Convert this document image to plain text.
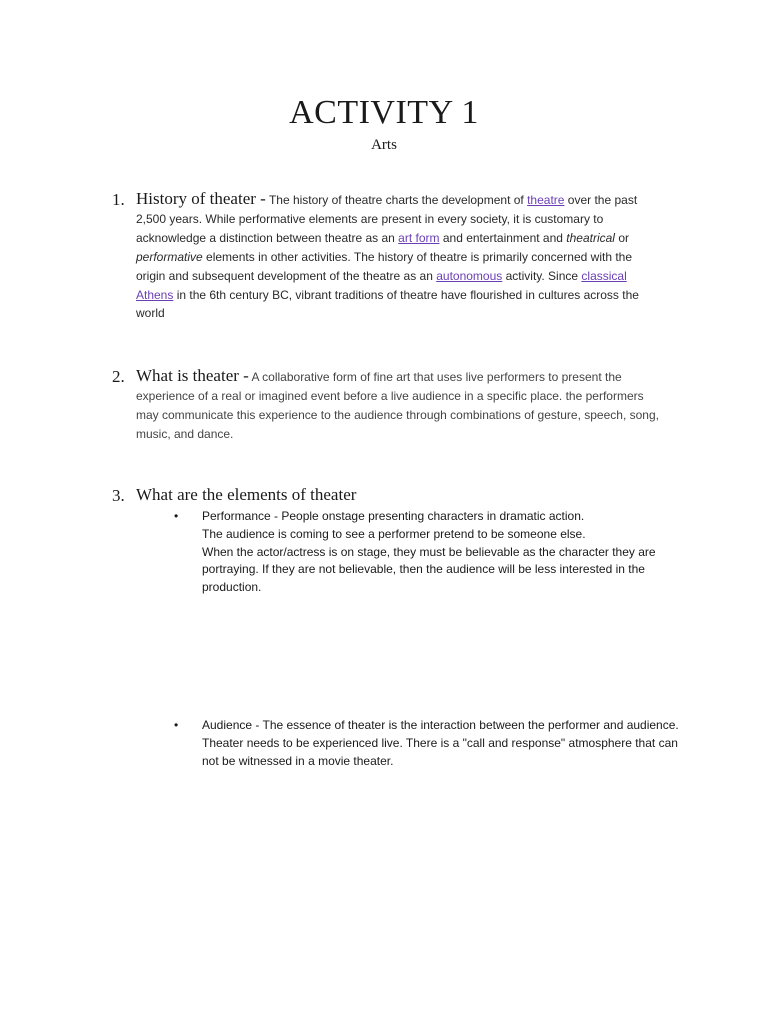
ACTIVITY 1
Arts
1. History of theater - The history of theatre charts the development of theatre over the past 2,500 years. While performative elements are present in every society, it is customary to acknowledge a distinction between theatre as an art form and entertainment and theatrical or performative elements in other activities. The history of theatre is primarily concerned with the origin and subsequent development of the theatre as an autonomous activity. Since classical Athens in the 6th century BC, vibrant traditions of theatre have flourished in cultures across the world
2. What is theater - A collaborative form of fine art that uses live performers to present the experience of a real or imagined event before a live audience in a specific place. the performers may communicate this experience to the audience through combinations of gesture, speech, song, music, and dance.
3. What are the elements of theater
• Performance - People onstage presenting characters in dramatic action.
The audience is coming to see a performer pretend to be someone else.
When the actor/actress is on stage, they must be believable as the character they are portraying. If they are not believable, then the audience will be less interested in the production.
• Audience - The essence of theater is the interaction between the performer and audience. Theater needs to be experienced live. There is a "call and response" atmosphere that can not be witnessed in a movie theater.
